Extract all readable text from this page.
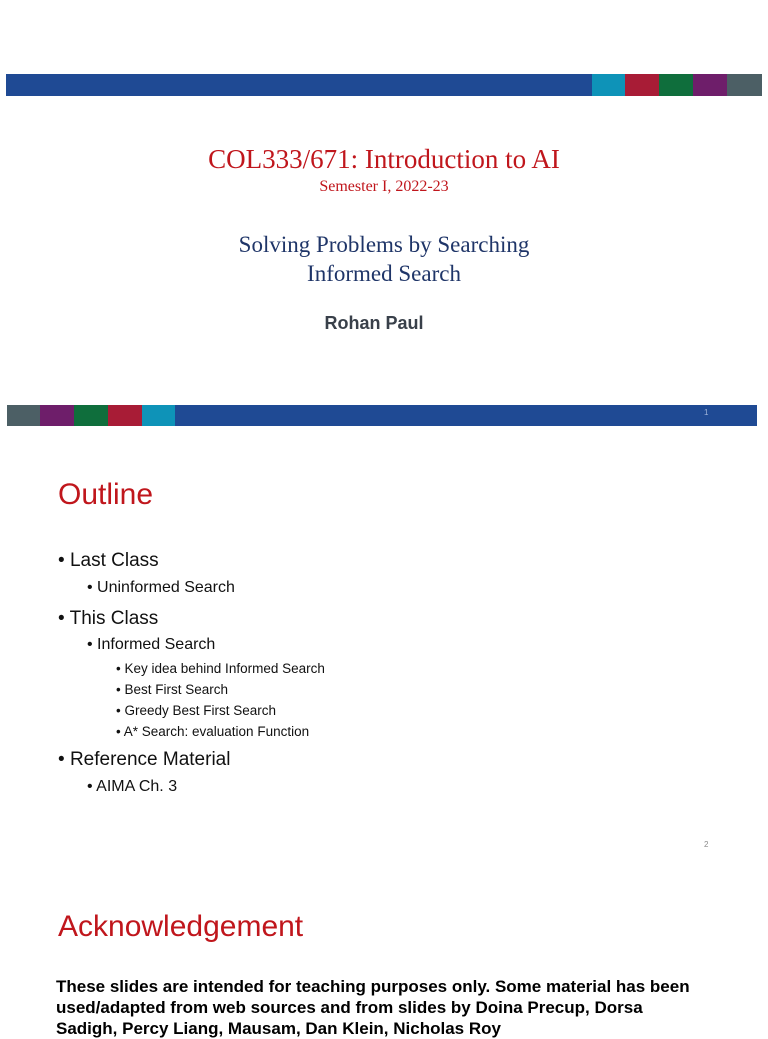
COL333/671: Introduction to AI
Semester I, 2022-23
Solving Problems by Searching
Informed Search
Rohan Paul
1
Outline
• Last Class
• Uninformed Search
• This Class
• Informed Search
• Key idea behind Informed Search
• Best First Search
• Greedy Best First Search
• A* Search: evaluation Function
• Reference Material
• AIMA Ch. 3
2
Acknowledgement

These slides are intended for teaching purposes only. Some material has been used/adapted from web sources and from slides by Doina Precup, Dorsa Sadigh, Percy Liang, Mausam, Dan Klein, Nicholas Roy
